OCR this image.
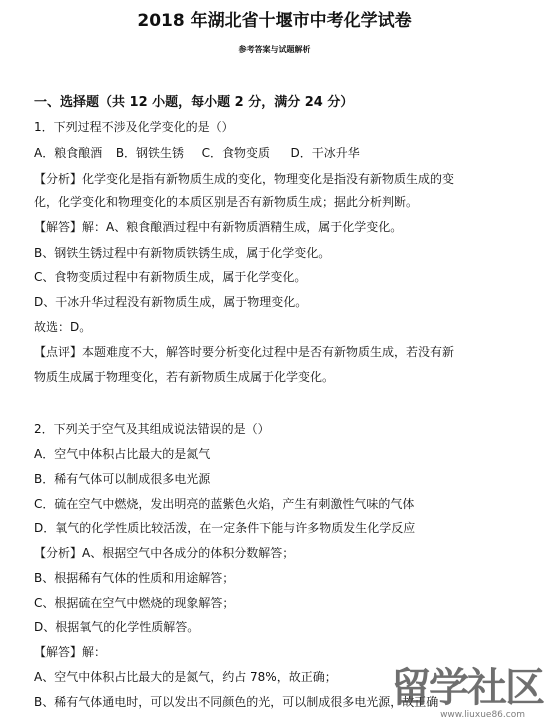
2018 年湖北省十堰市中考化学试卷
参考答案与试题解析
一、选择题（共 12 小题，每小题 2 分，满分 24 分）
1．下列过程不涉及化学变化的是（）
A．粮食酿酒 B．钢铁生锈 C．食物变质 D．干冰升华
【分析】化学变化是指有新物质生成的变化，物理变化是指没有新物质生成的变
化，化学变化和物理变化的本质区别是否有新物质生成；据此分析判断。
【解答】解：A、粮食酿酒过程中有新物质酒精生成，属于化学变化。
B、钢铁生锈过程中有新物质铁锈生成，属于化学变化。
C、食物变质过程中有新物质生成，属于化学变化。
D、干冰升华过程没有新物质生成，属于物理变化。
故选：D。
【点评】本题难度不大，解答时要分析变化过程中是否有新物质生成，若没有新
物质生成属于物理变化，若有新物质生成属于化学变化。
2．下列关于空气及其组成说法错误的是（）
A．空气中体积占比最大的是氮气
B．稀有气体可以制成很多电光源
C．硫在空气中燃烧，发出明亮的蓝紫色火焰，产生有刺激性气味的气体
D．氧气的化学性质比较活泼，在一定条件下能与许多物质发生化学反应
【分析】A、根据空气中各成分的体积分数解答；
B、根据稀有气体的性质和用途解答；
C、根据硫在空气中燃烧的现象解答；
D、根据氧气的化学性质解答。
【解答】解：
A、空气中体积占比最大的是氮气，约占 78%，故正确；
B、稀有气体通电时，可以发出不同颜色的光，可以制成很多电光源，故正确
留学社区
www.liuxue86.com
